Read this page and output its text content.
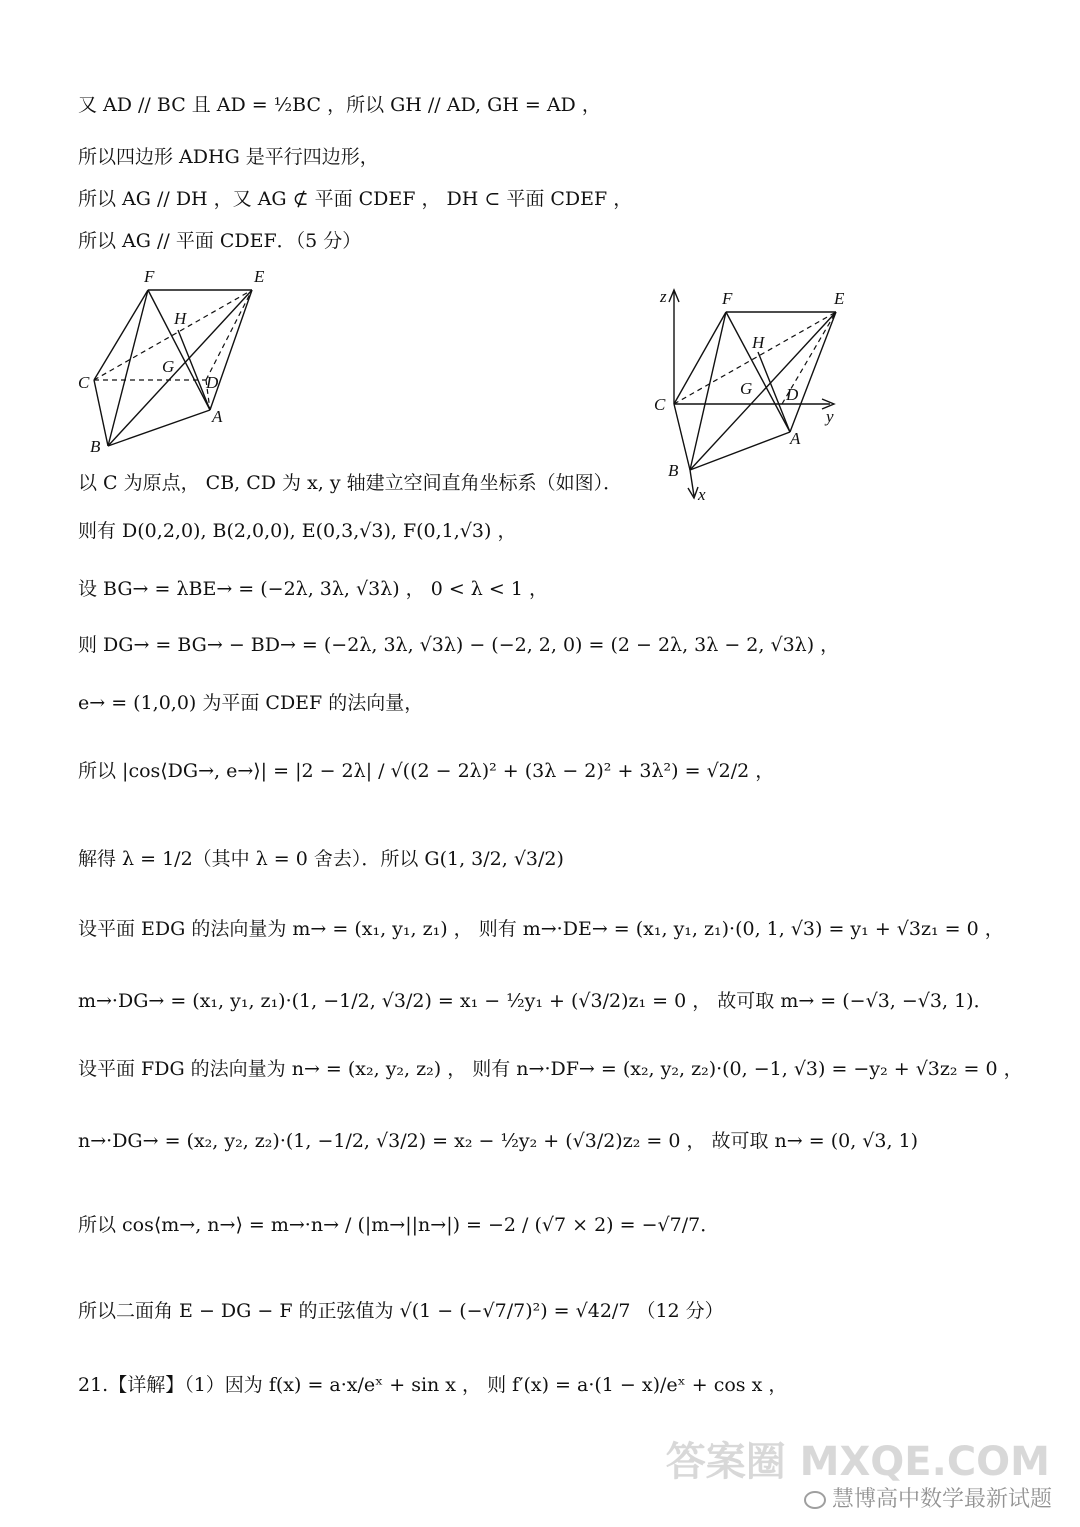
又 AD // BC 且 AD = ½BC ，所以 GH // AD, GH = AD ，
所以四边形 ADHG 是平行四边形，
所以 AG // DH ，又 AG ⊄ 平面 CDEF ， DH ⊂ 平面 CDEF ，
所以 AG // 平面 CDEF．（5 分）
F	E
H
G
C	D
A
B
z	F	E
H
G
C
D
y
A
B
x
以 C 为原点， CB, CD 为 x, y 轴建立空间直角坐标系（如图）．
则有 D(0,2,0), B(2,0,0), E(0,3,√3), F(0,1,√3) ，
设 BG→ = λBE→ = (−2λ, 3λ, √3λ) ， 0 < λ < 1 ，
则 DG→ = BG→ − BD→ = (−2λ, 3λ, √3λ) − (−2, 2, 0) = (2 − 2λ, 3λ − 2, √3λ) ，
e→ = (1,0,0) 为平面 CDEF 的法向量，
所以 |cos⟨DG→, e→⟩| = |2 − 2λ| / √((2 − 2λ)² + (3λ − 2)² + 3λ²) = √2/2 ，
解得 λ = 1/2（其中 λ = 0 舍去）．所以 G(1, 3/2, √3/2)
设平面 EDG 的法向量为 m→ = (x₁, y₁, z₁) ， 则有 m→·DE→ = (x₁, y₁, z₁)·(0, 1, √3) = y₁ + √3z₁ = 0 ，
m→·DG→ = (x₁, y₁, z₁)·(1, −1/2, √3/2) = x₁ − ½y₁ + (√3/2)z₁ = 0 ， 故可取 m→ = (−√3, −√3, 1)．
设平面 FDG 的法向量为 n→ = (x₂, y₂, z₂) ， 则有 n→·DF→ = (x₂, y₂, z₂)·(0, −1, √3) = −y₂ + √3z₂ = 0 ，
n→·DG→ = (x₂, y₂, z₂)·(1, −1/2, √3/2) = x₂ − ½y₂ + (√3/2)z₂ = 0 ， 故可取 n→ = (0, √3, 1)
所以 cos⟨m→, n→⟩ = m→·n→ / (|m→||n→|) = −2 / (√7 × 2) = −√7/7．
所以二面角 E − DG − F 的正弦值为 √(1 − (−√7/7)²) = √42/7 （12 分）
21.【详解】（1）因为 f(x) = a·x/eˣ + sin x ， 则 f′(x) = a·(1 − x)/eˣ + cos x ，
答案圈 MXQE.COM
慧博高中数学最新试题
